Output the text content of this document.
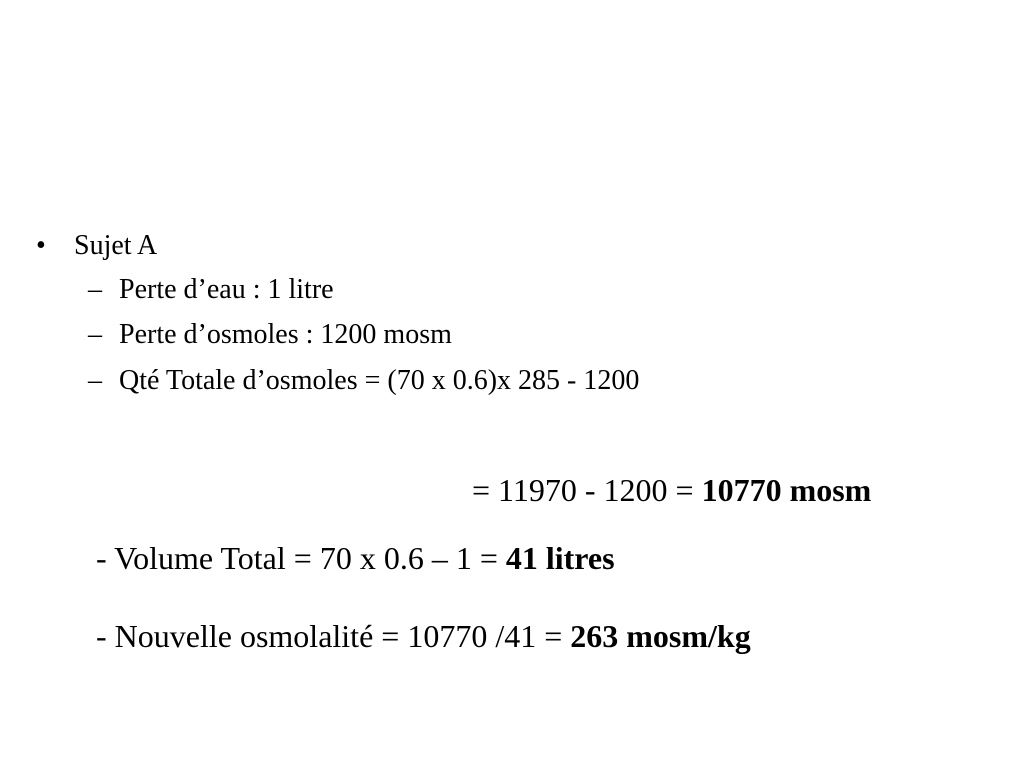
•	Sujet A
– Perte d’eau : 1 litre
– Perte d’osmoles : 1200 mosm
– Qté Totale d’osmoles = (70 x 0.6)x 285 - 1200
= 11970 - 1200 = 10770 mosm
- Volume Total = 70 x 0.6 – 1 = 41 litres
- Nouvelle osmolalité = 10770 /41 = 263 mosm/kg
